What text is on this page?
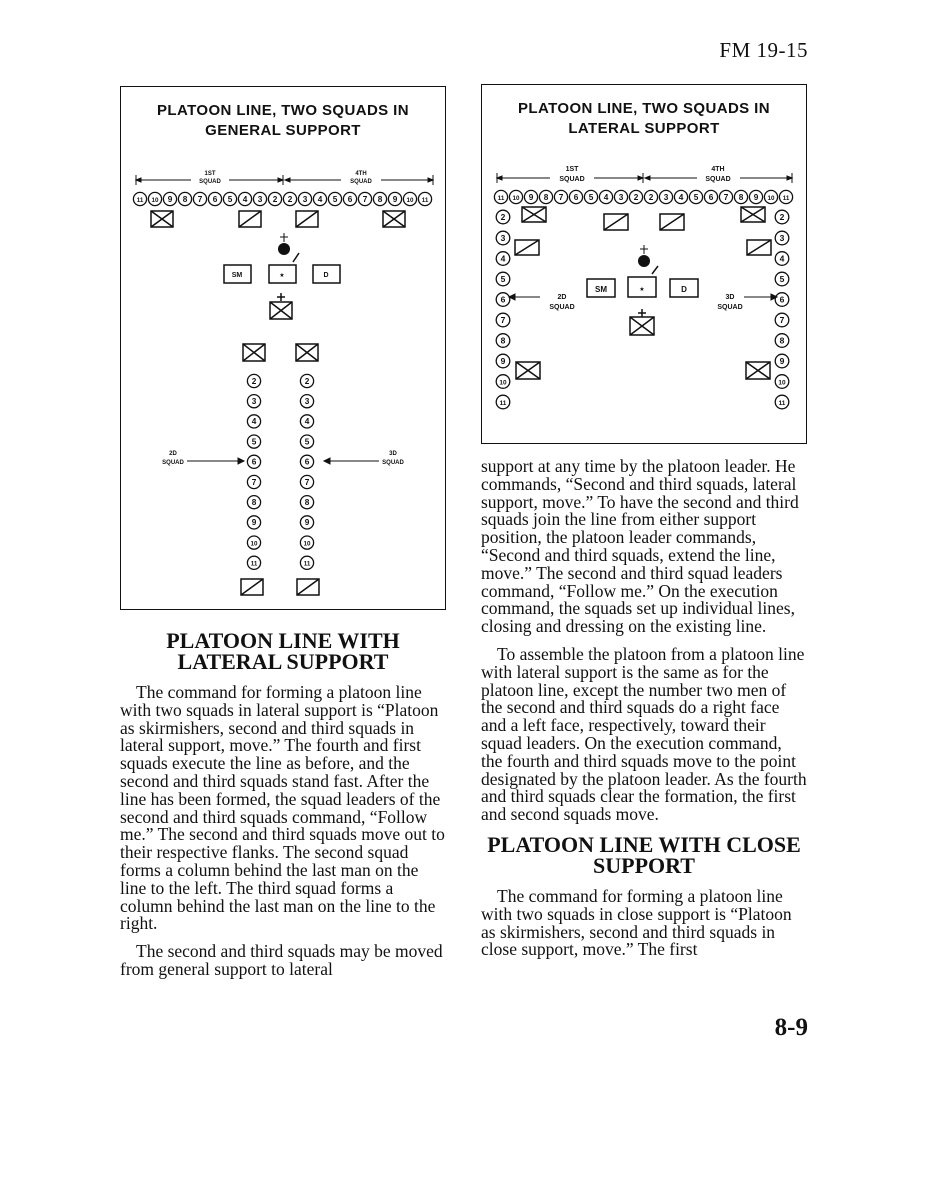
FM 19-15
PLATOON LINE, TWO SQUADS IN
GENERAL SUPPORT
1ST
SQUAD
4TH
SQUAD
11 10 9 8 7 6 5 4 3 2 2 3 4 5 6 7 8 9 10 11
SM	★	D
2	2
3	3
4	4
5	5
6	6
7	7
8	8
9	9
10	10
11	11
2D
SQUAD
3D
SQUAD
PLATOON LINE, TWO SQUADS IN
LATERAL SUPPORT
1ST
SQUAD
4TH
SQUAD
11 10 9 8 7 6 5 4 3 2 2 3 4 5 6 7 8 9 10 11
2	2
3	3
4	4
5	5
6	6
7	7
8	8
9	9
10	10
11	11
SM	★	D
2D
SQUAD
3D
SQUAD
PLATOON LINE WITH LATERAL SUPPORT

The command for forming a platoon line with two squads in lateral support is “Platoon as skirmishers, second and third squads in lateral support, move.” The fourth and first squads execute the line as before, and the second and third squads stand fast. After the line has been formed, the squad leaders of the second and third squads command, “Follow me.” The second and third squads move out to their respective flanks. The second squad forms a column behind the last man on the line to the left. The third squad forms a column behind the last man on the line to the right.

The second and third squads may be moved from general support to lateral

support at any time by the platoon leader. He commands, “Second and third squads, lateral support, move.” To have the second and third squads join the line from either support position, the platoon leader commands, “Second and third squads, extend the line, move.” The second and third squad leaders command, “Follow me.” On the execution command, the squads set up individual lines, closing and dressing on the existing line.

To assemble the platoon from a platoon line with lateral support is the same as for the platoon line, except the number two men of the second and third squads do a right face and a left face, respectively, toward their squad leaders. On the execution command, the fourth and third squads move to the point designated by the platoon leader. As the fourth and third squads clear the formation, the first and second squads move.

PLATOON LINE WITH CLOSE SUPPORT

The command for forming a platoon line with two squads in close support is “Platoon as skirmishers, second and third squads in close support, move.” The first

8-9
